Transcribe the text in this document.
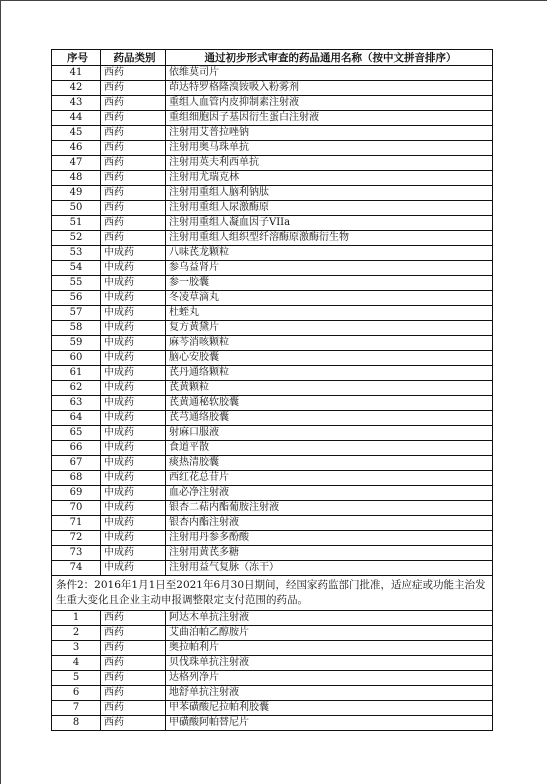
序号	药品类别	通过初步形式审查的药品通用名称（按中文拼音排序）
41	西药	依维莫司片
42	西药	茚达特罗格隆溴铵吸入粉雾剂
43	西药	重组人血管内皮抑制素注射液
44	西药	重组细胞因子基因衍生蛋白注射液
45	西药	注射用艾普拉唑钠
46	西药	注射用奥马珠单抗
47	西药	注射用英夫利西单抗
48	西药	注射用尤瑞克林
49	西药	注射用重组人脑利钠肽
50	西药	注射用重组人尿激酶原
51	西药	注射用重组人凝血因子VIIa
52	西药	注射用重组人组织型纤溶酶原激酶衍生物
53	中成药	八味芪龙颗粒
54	中成药	参乌益肾片
55	中成药	参一胶囊
56	中成药	冬凌草滴丸
57	中成药	杜蛭丸
58	中成药	复方黄黛片
59	中成药	麻芩消咳颗粒
60	中成药	脑心安胶囊
61	中成药	芪丹通络颗粒
62	中成药	芪黄颗粒
63	中成药	芪黄通秘软胶囊
64	中成药	芪芎通络胶囊
65	中成药	射麻口服液
66	中成药	食道平散
67	中成药	痰热清胶囊
68	中成药	西红花总苷片
69	中成药	血必净注射液
70	中成药	银杏二萜内酯葡胺注射液
71	中成药	银杏内酯注射液
72	中成药	注射用丹参多酚酸
73	中成药	注射用黄芪多糖
74	中成药	注射用益气复脉（冻干）
条件2：2016年1月1日至2021年6月30日期间，经国家药监部门批准，适应症或功能主治发生重大变化且企业主动申报调整限定支付范围的药品。		
1	西药	阿达木单抗注射液
2	西药	艾曲泊帕乙醇胺片
3	西药	奥拉帕利片
4	西药	贝伐珠单抗注射液
5	西药	达格列净片
6	西药	地舒单抗注射液
7	西药	甲苯磺酸尼拉帕利胶囊
8	西药	甲磺酸阿帕替尼片
